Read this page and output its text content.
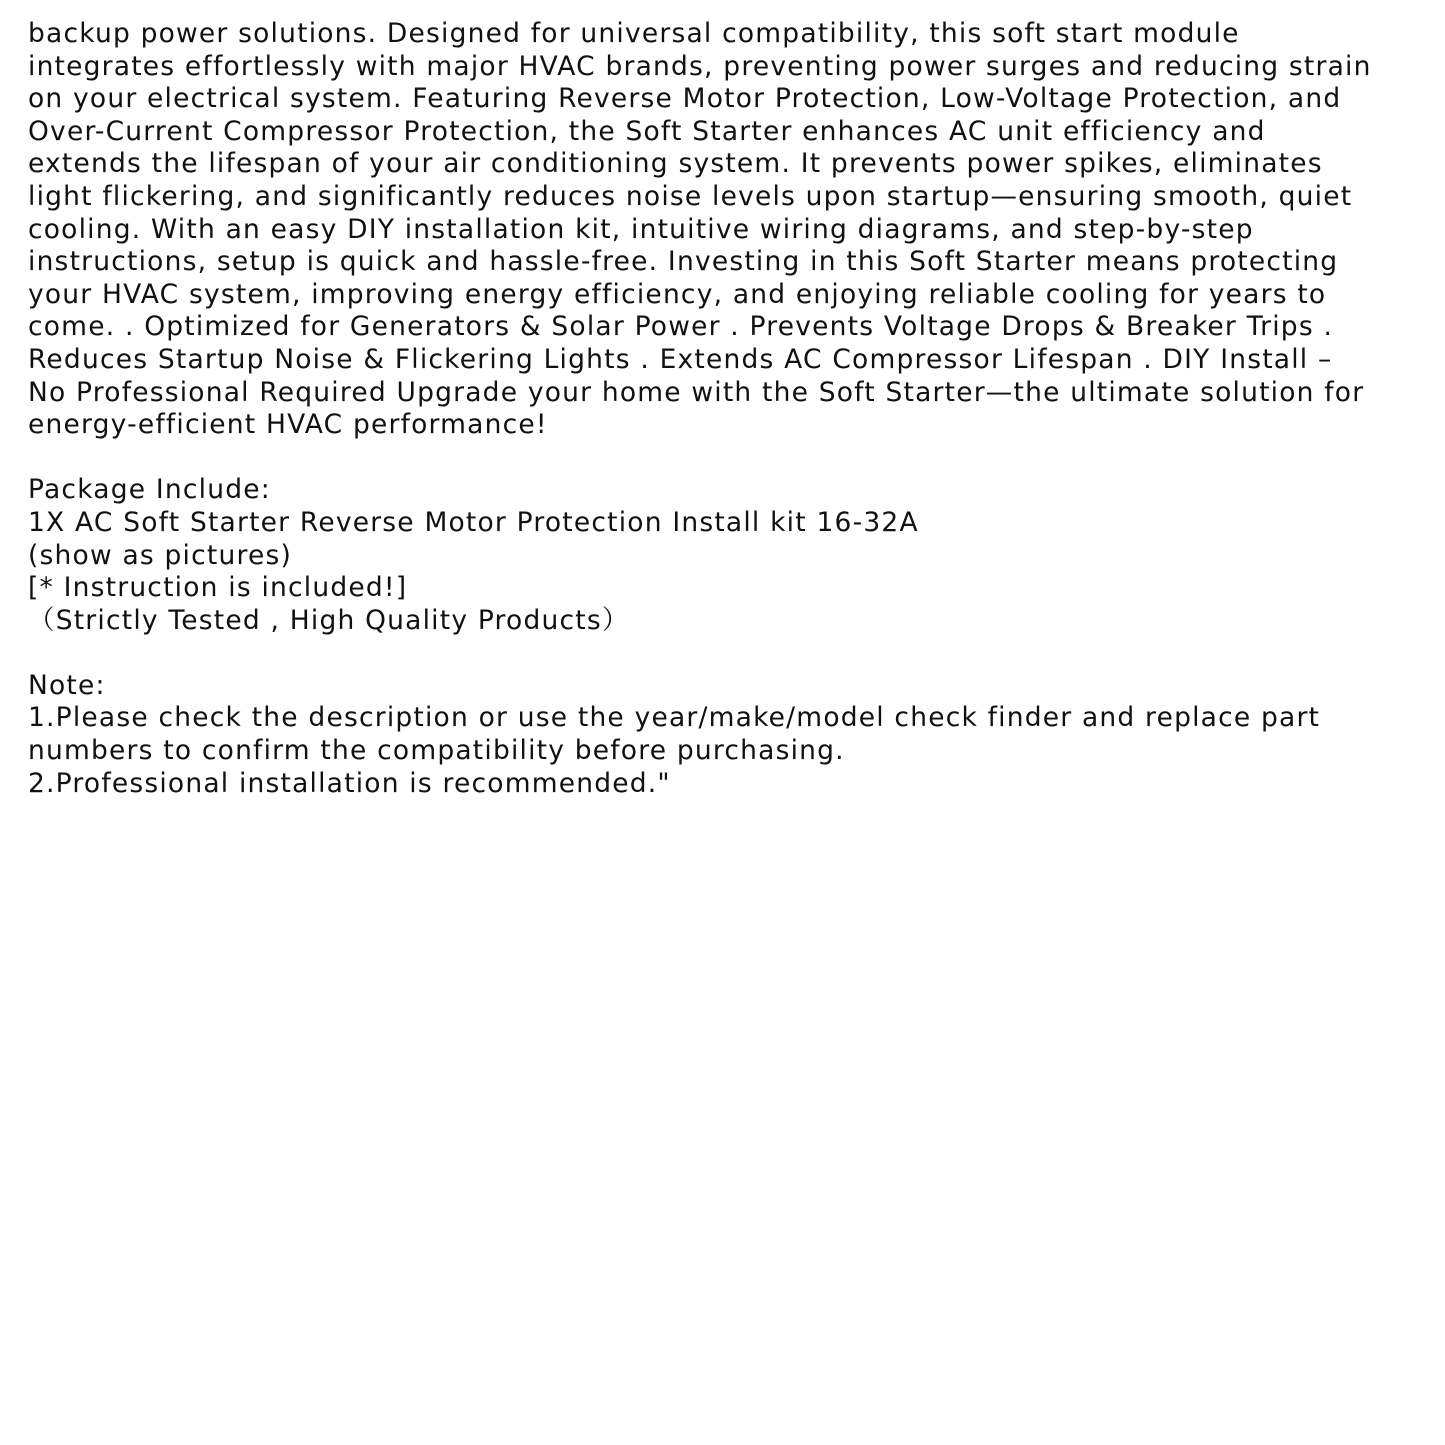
backup power solutions. Designed for universal compatibility, this soft start module
integrates effortlessly with major HVAC brands, preventing power surges and reducing strain
on your electrical system. Featuring Reverse Motor Protection, Low-Voltage Protection, and
Over-Current Compressor Protection, the Soft Starter enhances AC unit efficiency and
extends the lifespan of your air conditioning system. It prevents power spikes, eliminates
light flickering, and significantly reduces noise levels upon startup—ensuring smooth, quiet
cooling. With an easy DIY installation kit, intuitive wiring diagrams, and step-by-step
instructions, setup is quick and hassle-free. Investing in this Soft Starter means protecting
your HVAC system, improving energy efficiency, and enjoying reliable cooling for years to
come. . Optimized for Generators & Solar Power . Prevents Voltage Drops & Breaker Trips .
Reduces Startup Noise & Flickering Lights . Extends AC Compressor Lifespan . DIY Install –
No Professional Required Upgrade your home with the Soft Starter—the ultimate solution for
energy-efficient HVAC performance!
Package Include:
1X AC Soft Starter Reverse Motor Protection Install kit 16-32A
(show as pictures)
[* Instruction is included!]
（Strictly Tested , High Quality Products）
Note:
1.Please check the description or use the year/make/model check finder and replace part
numbers to confirm the compatibility before purchasing.
2.Professional installation is recommended."
